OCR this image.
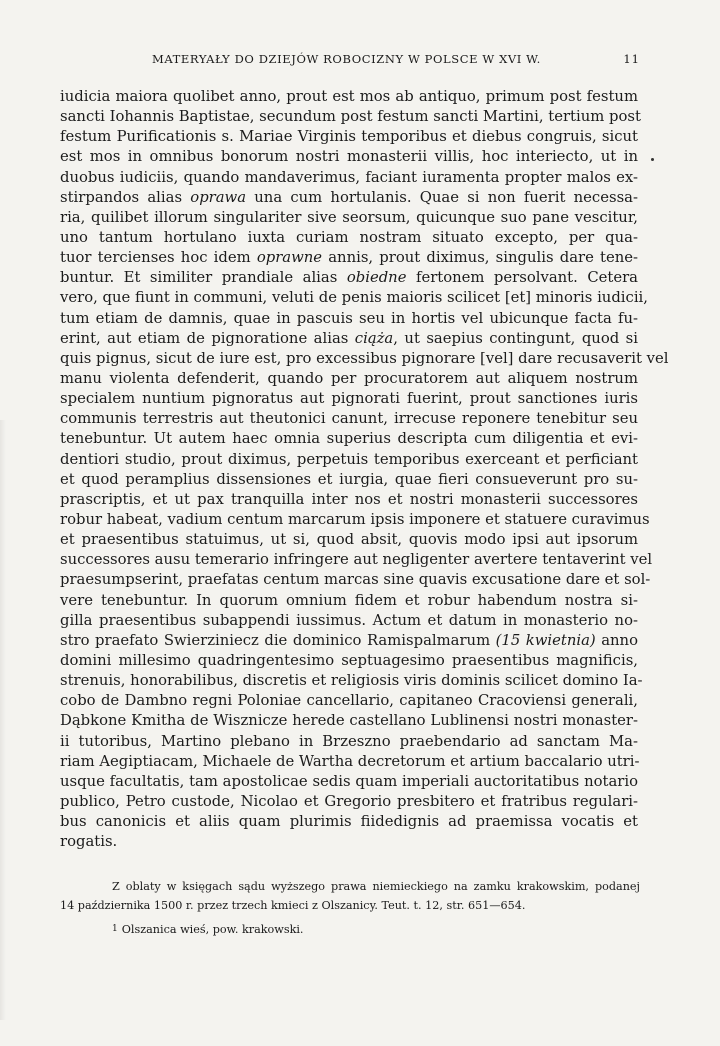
MATERYAŁY DO DZIEJÓW ROBOCIZNY W POLSCE W XVI W.	11
iudicia maiora quolibet anno, prout est mos ab antiquo, primum post festum
sancti Iohannis Baptistae, secundum post festum sancti Martini, tertium post
festum Purificationis s. Mariae Virginis temporibus et diebus congruis, sicut
est mos in omnibus bonorum nostri monasterii villis, hoc interiecto, ut in
duobus iudiciis, quando mandaverimus, faciant iuramenta propter malos ex-
stirpandos alias oprawa una cum hortulanis. Quae si non fuerit necessa-
ria, quilibet illorum singulariter sive seorsum, quicunque suo pane vescitur,
uno tantum hortulano iuxta curiam nostram situato excepto, per qua-
tuor tercienses hoc idem oprawne annis, prout diximus, singulis dare tene-
buntur. Et similiter prandiale alias obiedne fertonem persolvant. Cetera
vero, que fiunt in communi, veluti de penis maioris scilicet [et] minoris iudicii,
tum etiam de damnis, quae in pascuis seu in hortis vel ubicunque facta fu-
erint, aut etiam de pignoratione alias ciąża, ut saepius contingunt, quod si
quis pignus, sicut de iure est, pro excessibus pignorare [vel] dare recusaverit vel
manu violenta defenderit, quando per procuratorem aut aliquem nostrum
specialem nuntium pignoratus aut pignorati fuerint, prout sanctiones iuris
communis terrestris aut theutonici canunt, irrecuse reponere tenebitur seu
tenebuntur. Ut autem haec omnia superius descripta cum diligentia et evi-
dentiori studio, prout diximus, perpetuis temporibus exerceant et perficiant
et quod peramplius dissensiones et iurgia, quae fieri consueverunt pro su-
prascriptis, et ut pax tranquilla inter nos et nostri monasterii successores
robur habeat, vadium centum marcarum ipsis imponere et statuere curavimus
et praesentibus statuimus, ut si, quod absit, quovis modo ipsi aut ipsorum
successores ausu temerario infringere aut negligenter avertere tentaverint vel
praesumpserint, praefatas centum marcas sine quavis excusatione dare et sol-
vere tenebuntur. In quorum omnium fidem et robur habendum nostra si-
gilla praesentibus subappendi iussimus. Actum et datum in monasterio no-
stro praefato Swierziniecz die dominico Ramispalmarum (15 kwietnia) anno
domini millesimo quadringentesimo septuagesimo praesentibus magnificis,
strenuis, honorabilibus, discretis et religiosis viris dominis scilicet domino Ia-
cobo de Dambno regni Poloniae cancellario, capitaneo Cracoviensi generali,
Dąbkone Kmitha de Wisznicze herede castellano Lublinensi nostri monaster-
ii tutoribus, Martino plebano in Brzeszno praebendario ad sanctam Ma-
riam Aegiptiacam, Michaele de Wartha decretorum et artium baccalario utri-
usque facultatis, tam apostolicae sedis quam imperiali auctoritatibus notario
publico, Petro custode, Nicolao et Gregorio presbitero et fratribus regulari-
bus canonicis et aliis quam plurimis fiidedignis ad praemissa vocatis et
rogatis.
Z oblaty w księgach sądu wyższego prawa niemieckiego na zamku krakowskim, podanej
14 października 1500 r. przez trzech kmieci z Olszanicy. Teut. t. 12, str. 651—654.
1 Olszanica wieś, pow. krakowski.
